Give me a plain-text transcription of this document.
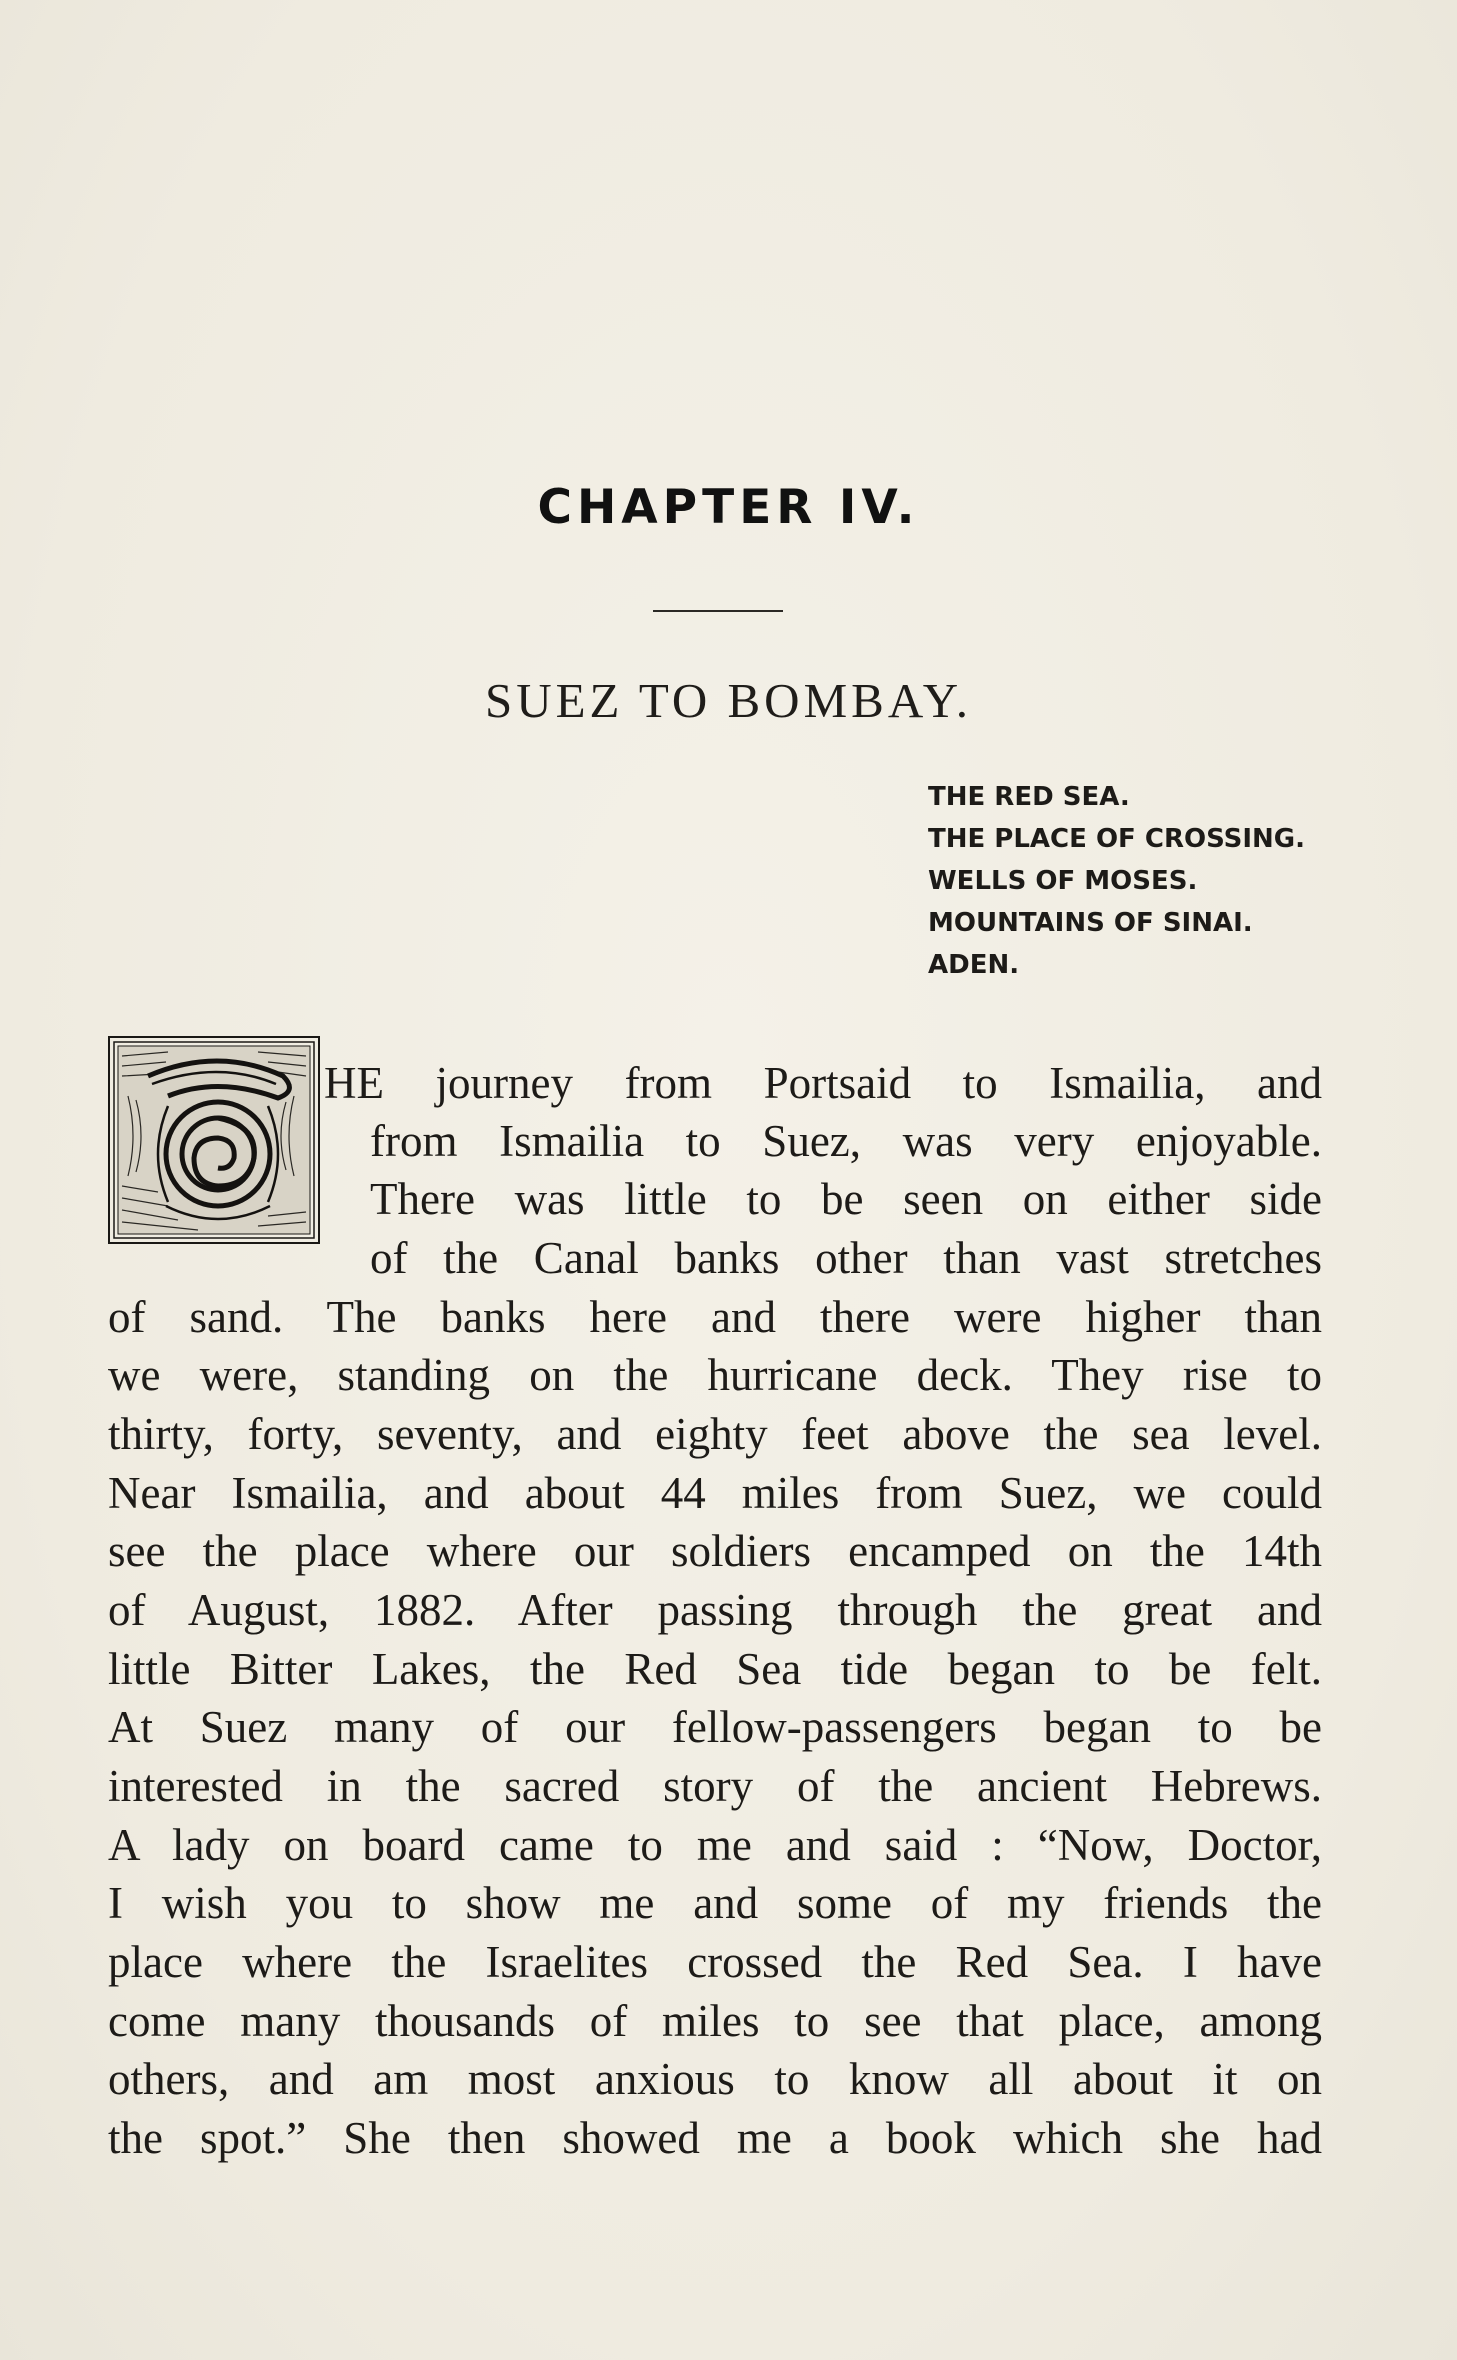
CHAPTER IV.
SUEZ TO BOMBAY.
THE RED SEA.
THE PLACE OF CROSSING.
WELLS OF MOSES.
MOUNTAINS OF SINAI.
ADEN.
T HE journey from Portsaid to Ismailia, and
from Ismailia to Suez, was very enjoyable.
There was little to be seen on either side
of the Canal banks other than vast stretches
of sand. The banks here and there were higher than
we were, standing on the hurricane deck. They rise to
thirty, forty, seventy, and eighty feet above the sea level.
Near Ismailia, and about 44 miles from Suez, we could
see the place where our soldiers encamped on the 14th
of August, 1882. After passing through the great and
little Bitter Lakes, the Red Sea tide began to be felt.
At Suez many of our fellow-passengers began to be
interested in the sacred story of the ancient Hebrews.
A lady on board came to me and said : “Now, Doctor,
I wish you to show me and some of my friends the
place where the Israelites crossed the Red Sea. I have
come many thousands of miles to see that place, among
others, and am most anxious to know all about it on
the spot.” She then showed me a book which she had
